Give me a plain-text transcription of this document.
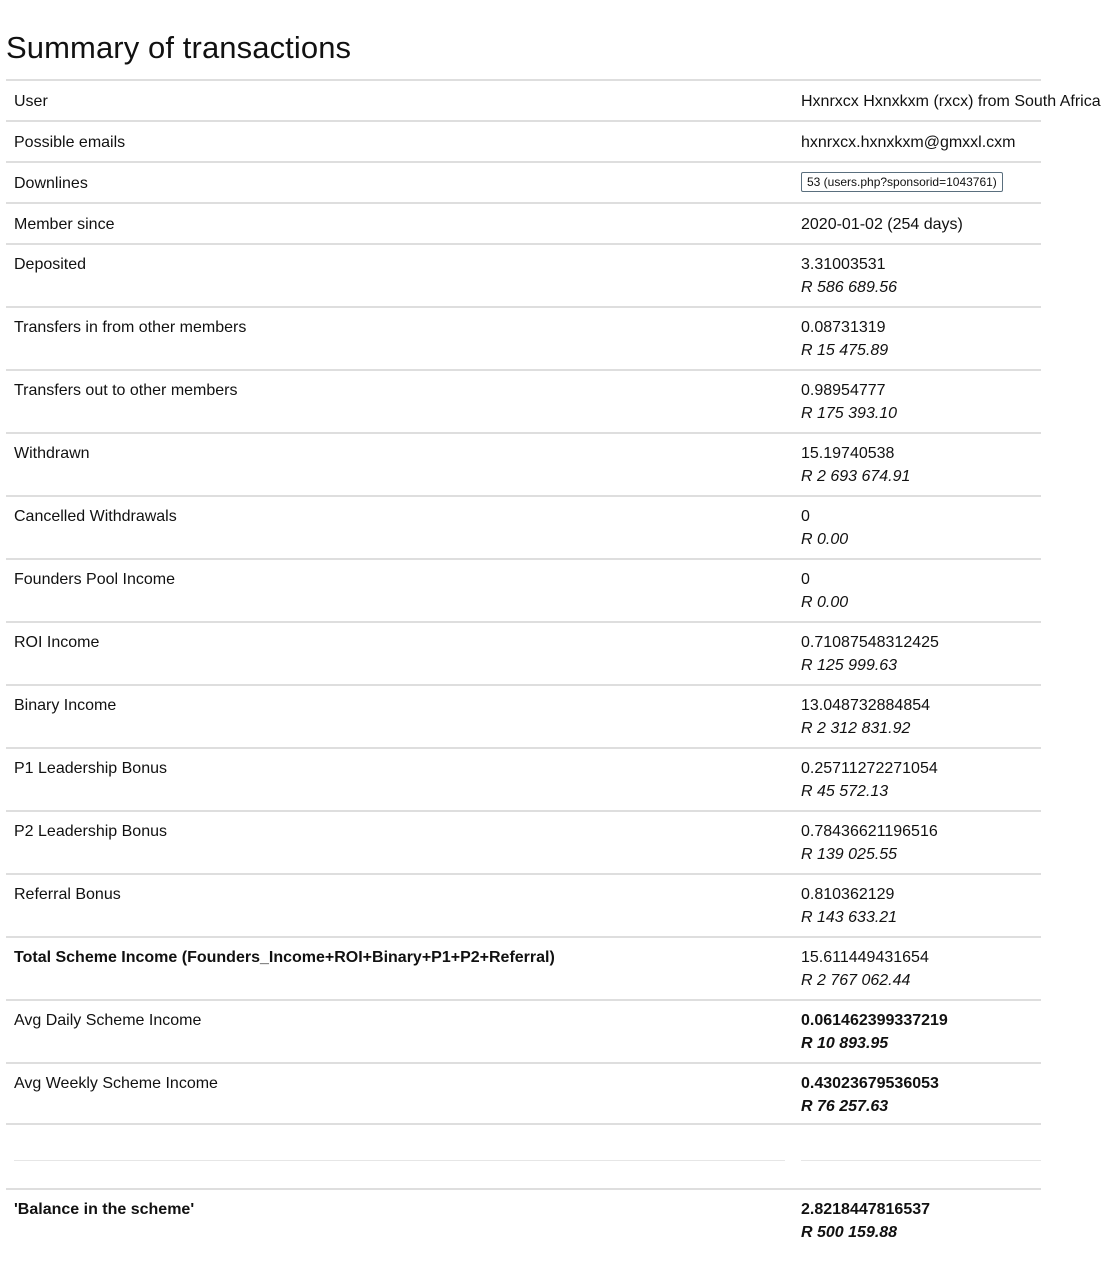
Summary of transactions
User	Hxnrxcx Hxnxkxm (rxcx) from South Africa
Possible emails	hxnrxcx.hxnxkxm@gmxxl.cxm
Downlines	53 (users.php?sponsorid=1043761)
Member since	2020-01-02 (254 days)
Deposited	3.31003531
R 586 689.56
Transfers in from other members	0.08731319
R 15 475.89
Transfers out to other members	0.98954777
R 175 393.10
Withdrawn	15.19740538
R 2 693 674.91
Cancelled Withdrawals	0
R 0.00
Founders Pool Income	0
R 0.00
ROI Income	0.71087548312425
R 125 999.63
Binary Income	13.048732884854
R 2 312 831.92
P1 Leadership Bonus	0.25711272271054
R 45 572.13
P2 Leadership Bonus	0.78436621196516
R 139 025.55
Referral Bonus	0.810362129
R 143 633.21
Total Scheme Income (Founders_Income+ROI+Binary+P1+P2+Referral)	15.611449431654
R 2 767 062.44
Avg Daily Scheme Income	0.061462399337219
R 10 893.95
Avg Weekly Scheme Income	0.43023679536053
R 76 257.63
'Balance in the scheme'	2.8218447816537
R 500 159.88
